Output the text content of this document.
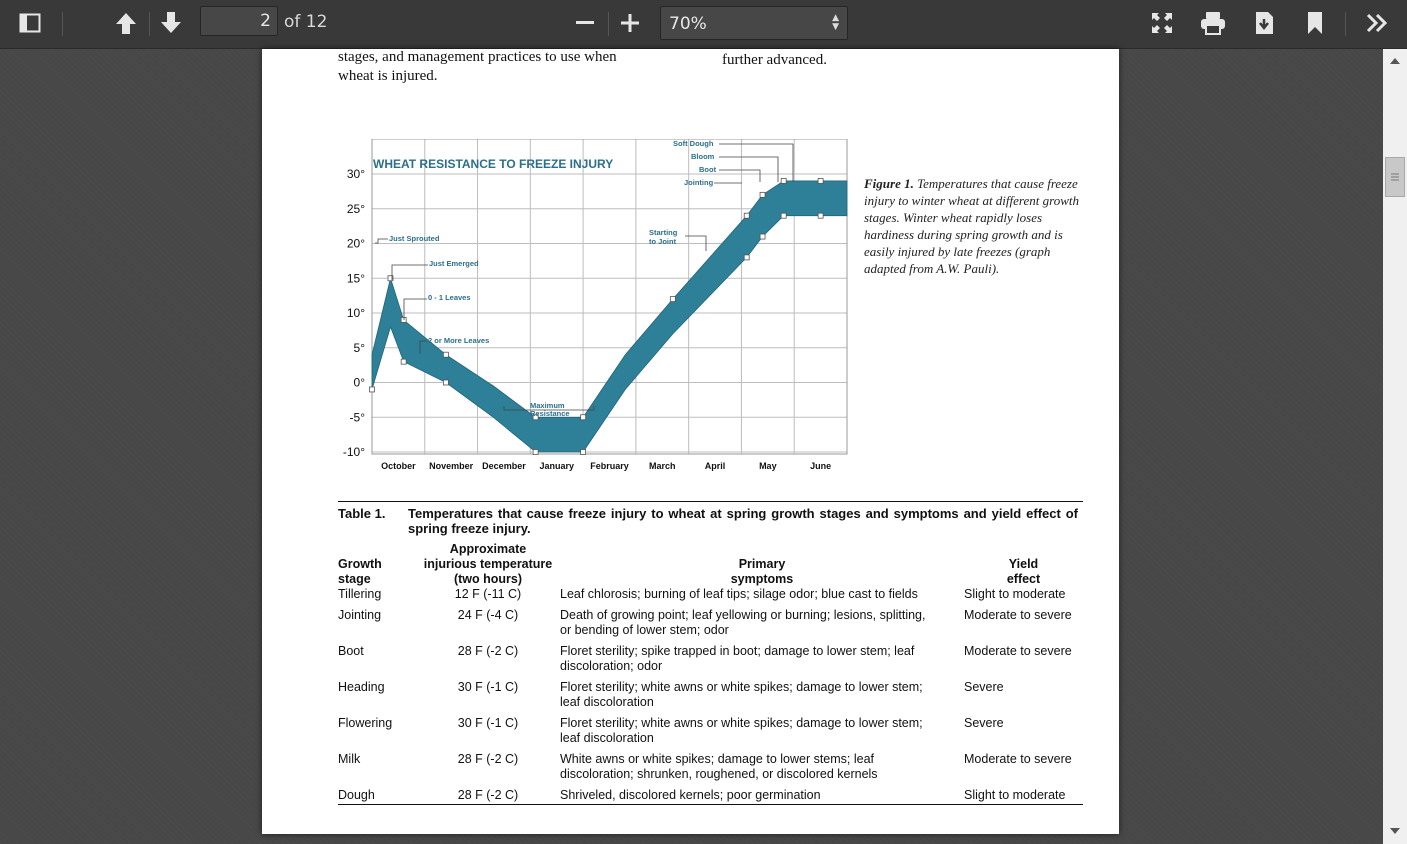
2
of 12	70%	▲
▼
stages, and management practices to use when
wheat is injured.
further advanced.
30°
25°
20°
15°
10°
5°
0°
-5°
-10°
October November December January February March	April	May	June
WHEAT RESISTANCE TO FREEZE INJURY
Just Sprouted
Just Emerged
0 - 1 Leaves
2 or More Leaves
Maximum
Resistance
Starting
to Joint
Soft Dough
Bloom
Boot
Jointing	Figure 1. Temperatures that cause freeze injury to winter wheat at different growth stages. Winter wheat rapidly loses hardiness during spring growth and is easily injured by late freezes (graph adapted from A.W. Pauli).
Table 1. Temperatures that cause freeze injury to wheat at spring growth stages and symptoms and yield effect of spring freeze injury.
Growth
stage	Approximate
injurious temperature
(two hours)	Primary
symptoms	Yield
effect
Tillering	12 F (-11 C)	Leaf chlorosis; burning of leaf tips; silage odor; blue cast to fields	Slight to moderate
Jointing	24 F (-4 C)	Death of growing point; leaf yellowing or burning; lesions, splitting, or bending of lower stem; odor	Moderate to severe
Boot	28 F (-2 C)	Floret sterility; spike trapped in boot; damage to lower stem; leaf discoloration; odor	Moderate to severe
Heading	30 F (-1 C)	Floret sterility; white awns or white spikes; damage to lower stem; leaf discoloration	Severe
Flowering	30 F (-1 C)	Floret sterility; white awns or white spikes; damage to lower stem; leaf discoloration	Severe
Milk	28 F (-2 C)	White awns or white spikes; damage to lower stems; leaf discoloration; shrunken, roughened, or discolored kernels	Moderate to severe
Dough	28 F (-2 C)	Shriveled, discolored kernels; poor germination	Slight to moderate
